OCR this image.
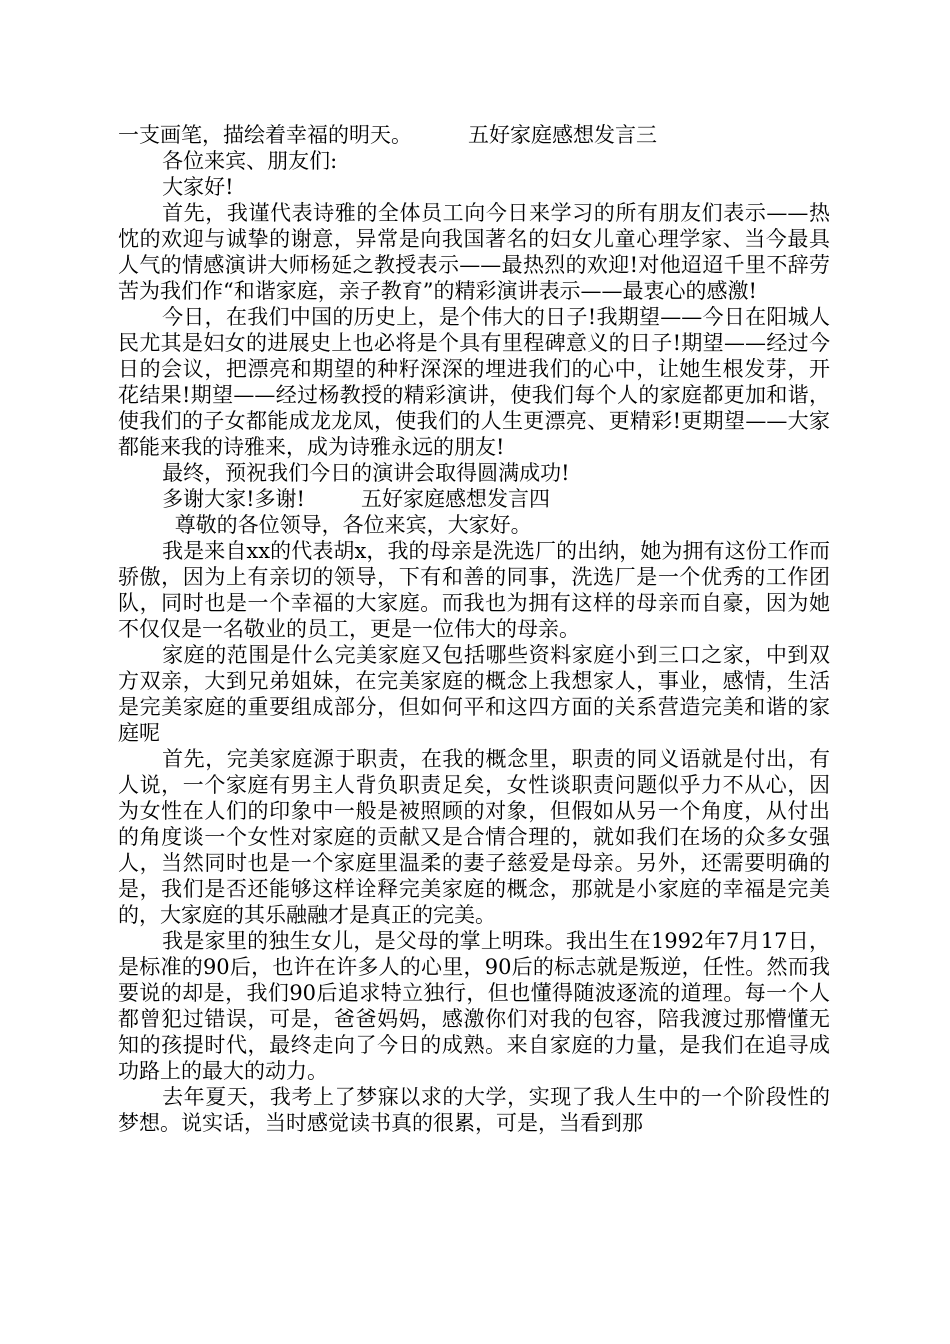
一支画笔，描绘着幸福的明天。	五好家庭感想发言三

各位来宾、朋友们:

大家好!

首先，我谨代表诗雅的全体员工向今日来学习的所有朋友们表示——热忱的欢迎与诚挚的谢意，异常是向我国著名的妇女儿童心理学家、当今最具人气的情感演讲大师杨延之教授表示——最热烈的欢迎!对他迢迢千里不辞劳苦为我们作“和谐家庭，亲子教育”的精彩演讲表示——最衷心的感激!

今日，在我们中国的历史上，是个伟大的日子!我期望——今日在阳城人民尤其是妇女的进展史上也必将是个具有里程碑意义的日子!期望——经过今日的会议，把漂亮和期望的种籽深深的埋进我们的心中，让她生根发芽，开花结果!期望——经过杨教授的精彩演讲，使我们每个人的家庭都更加和谐，使我们的子女都能成龙龙凤，使我们的人生更漂亮、更精彩!更期望——大家都能来我的诗雅来，成为诗雅永远的朋友!

最终，预祝我们今日的演讲会取得圆满成功!

多谢大家!多谢!	五好家庭感想发言四

尊敬的各位领导，各位来宾，大家好。

我是来自xx的代表胡x，我的母亲是洗选厂的出纳，她为拥有这份工作而骄傲，因为上有亲切的领导，下有和善的同事，洗选厂是一个优秀的工作团队，同时也是一个幸福的大家庭。而我也为拥有这样的母亲而自豪，因为她不仅仅是一名敬业的员工，更是一位伟大的母亲。

家庭的范围是什么完美家庭又包括哪些资料家庭小到三口之家，中到双方双亲，大到兄弟姐妹，在完美家庭的概念上我想家人，事业，感情，生活是完美家庭的重要组成部分，但如何平和这四方面的关系营造完美和谐的家庭呢

首先，完美家庭源于职责，在我的概念里，职责的同义语就是付出，有人说，一个家庭有男主人背负职责足矣，女性谈职责问题似乎力不从心，因为女性在人们的印象中一般是被照顾的对象，但假如从另一个角度，从付出的角度谈一个女性对家庭的贡献又是合情合理的，就如我们在场的众多女强人，当然同时也是一个家庭里温柔的妻子慈爱是母亲。另外，还需要明确的是，我们是否还能够这样诠释完美家庭的概念，那就是小家庭的幸福是完美的，大家庭的其乐融融才是真正的完美。

我是家里的独生女儿，是父母的掌上明珠。我出生在1992年7月17日，是标准的90后，也许在许多人的心里，90后的标志就是叛逆，任性。然而我要说的却是，我们90后追求特立独行，但也懂得随波逐流的道理。每一个人都曾犯过错误，可是，爸爸妈妈，感激你们对我的包容，陪我渡过那懵懂无知的孩提时代，最终走向了今日的成熟。来自家庭的力量，是我们在追寻成功路上的最大的动力。

去年夏天，我考上了梦寐以求的大学，实现了我人生中的一个阶段性的梦想。说实话，当时感觉读书真的很累，可是，当看到那
